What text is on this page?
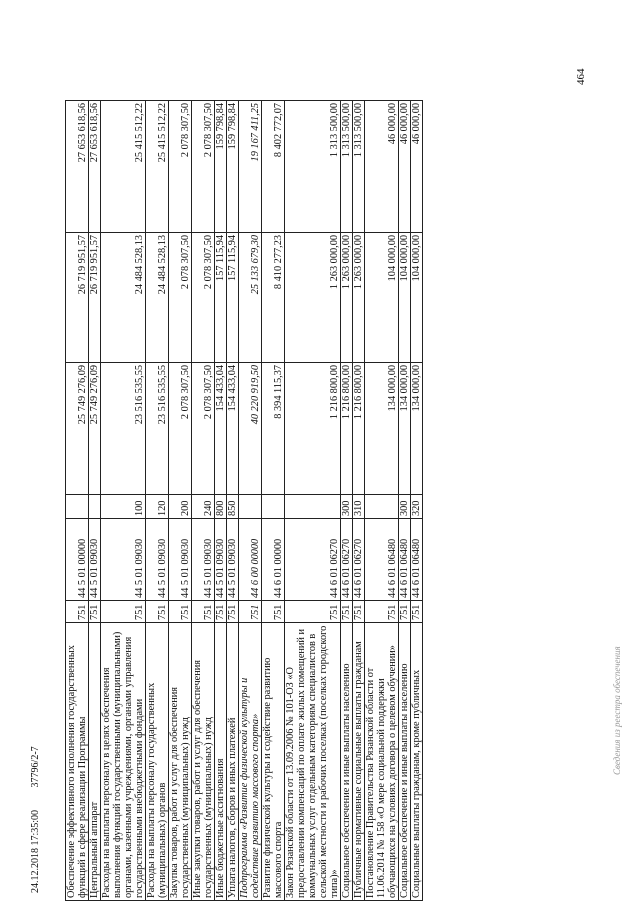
464
24.12.2018 17:35:00         37796/2-7	Сведения из реестра обеспечения
Обеспечение эффективного исполнения государственных функций в сфере реализации Программы	751	44 5 01 00000		25 749 276,09	26 719 951,57	27 653 618,56
Центральный аппарат	751	44 5 01 09030		25 749 276,09	26 719 951,57	27 653 618,56
Расходы на выплаты персоналу в целях обеспечения выполнения функций государственными (муниципальными) органами, казенными учреждениями, органами управления государственными внебюджетными фондами	751	44 5 01 09030	100	23 516 535,55	24 484 528,13	25 415 512,22
Расходы на выплаты персоналу государственных (муниципальных) органов	751	44 5 01 09030	120	23 516 535,55	24 484 528,13	25 415 512,22
Закупка товаров, работ и услуг для обеспечения государственных (муниципальных) нужд	751	44 5 01 09030	200	2 078 307,50	2 078 307,50	2 078 307,50
Иные закупки товаров, работ и услуг для обеспечения государственных (муниципальных) нужд	751	44 5 01 09030	240	2 078 307,50	2 078 307,50	2 078 307,50
Иные бюджетные ассигнования	751	44 5 01 09030	800	154 433,04	157 115,94	159 798,84
Уплата налогов, сборов и иных платежей	751	44 5 01 09030	850	154 433,04	157 115,94	159 798,84
Подпрограмма «Развитие физической культуры и содействие развитию массового спорта»	751	44 6 00 00000		40 220 919,50	25 133 679,30	19 167 411,25
Развитие физической культуры и содействие развитию массового спорта	751	44 6 01 00000		8 394 115,37	8 410 277,23	8 402 772,07
Закон Рязанской области от 13.09.2006 № 101-ОЗ «О предоставлении компенсаций по оплате жилых помещений и коммунальных услуг отдельным категориям специалистов в сельской местности и рабочих поселках (поселках городского типа)»	751	44 6 01 06270		1 216 800,00	1 263 000,00	1 313 500,00
Социальное обеспечение и иные выплаты населению	751	44 6 01 06270	300	1 216 800,00	1 263 000,00	1 313 500,00
Публичные нормативные социальные выплаты гражданам	751	44 6 01 06270	310	1 216 800,00	1 263 000,00	1 313 500,00
Постановление Правительства Рязанской области от 11.06.2014 № 158 «О мере социальной поддержки обучающихся на условиях договора о целевом обучении»	751	44 6 01 06480		134 000,00	104 000,00	46 000,00
Социальное обеспечение и иные выплаты населению	751	44 6 01 06480	300	134 000,00	104 000,00	46 000,00
Социальные выплаты гражданам, кроме публичных	751	44 6 01 06480	320	134 000,00	104 000,00	46 000,00
